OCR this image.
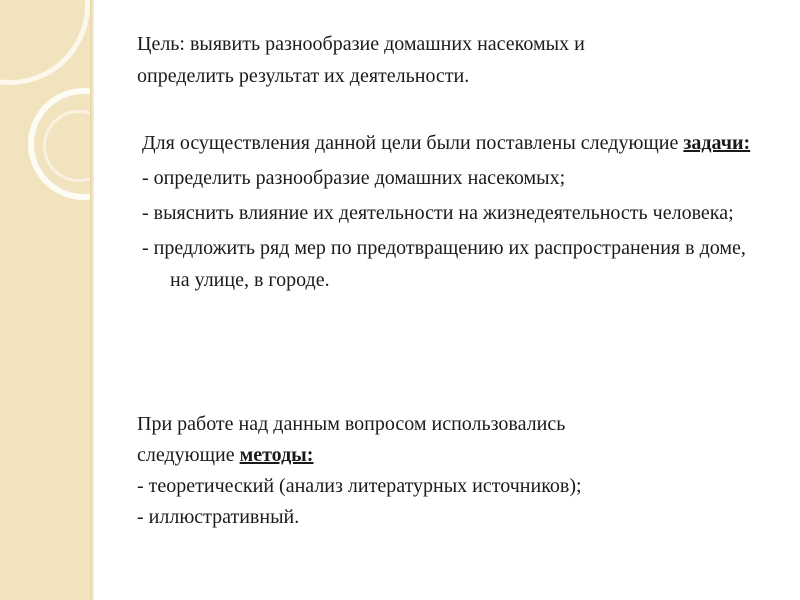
Цель: выявить разнообразие домашних насекомых и
определить результат их деятельности.

Для осуществления данной цели были поставлены следующие задачи:

- определить разнообразие домашних насекомых;

- выяснить влияние их деятельности на жизнедеятельность человека;

- предложить ряд мер по предотвращению их распространения в доме, на улице, в городе.

При работе над данным вопросом использовались
следующие методы:
- теоретический (анализ литературных источников);
- иллюстративный.
